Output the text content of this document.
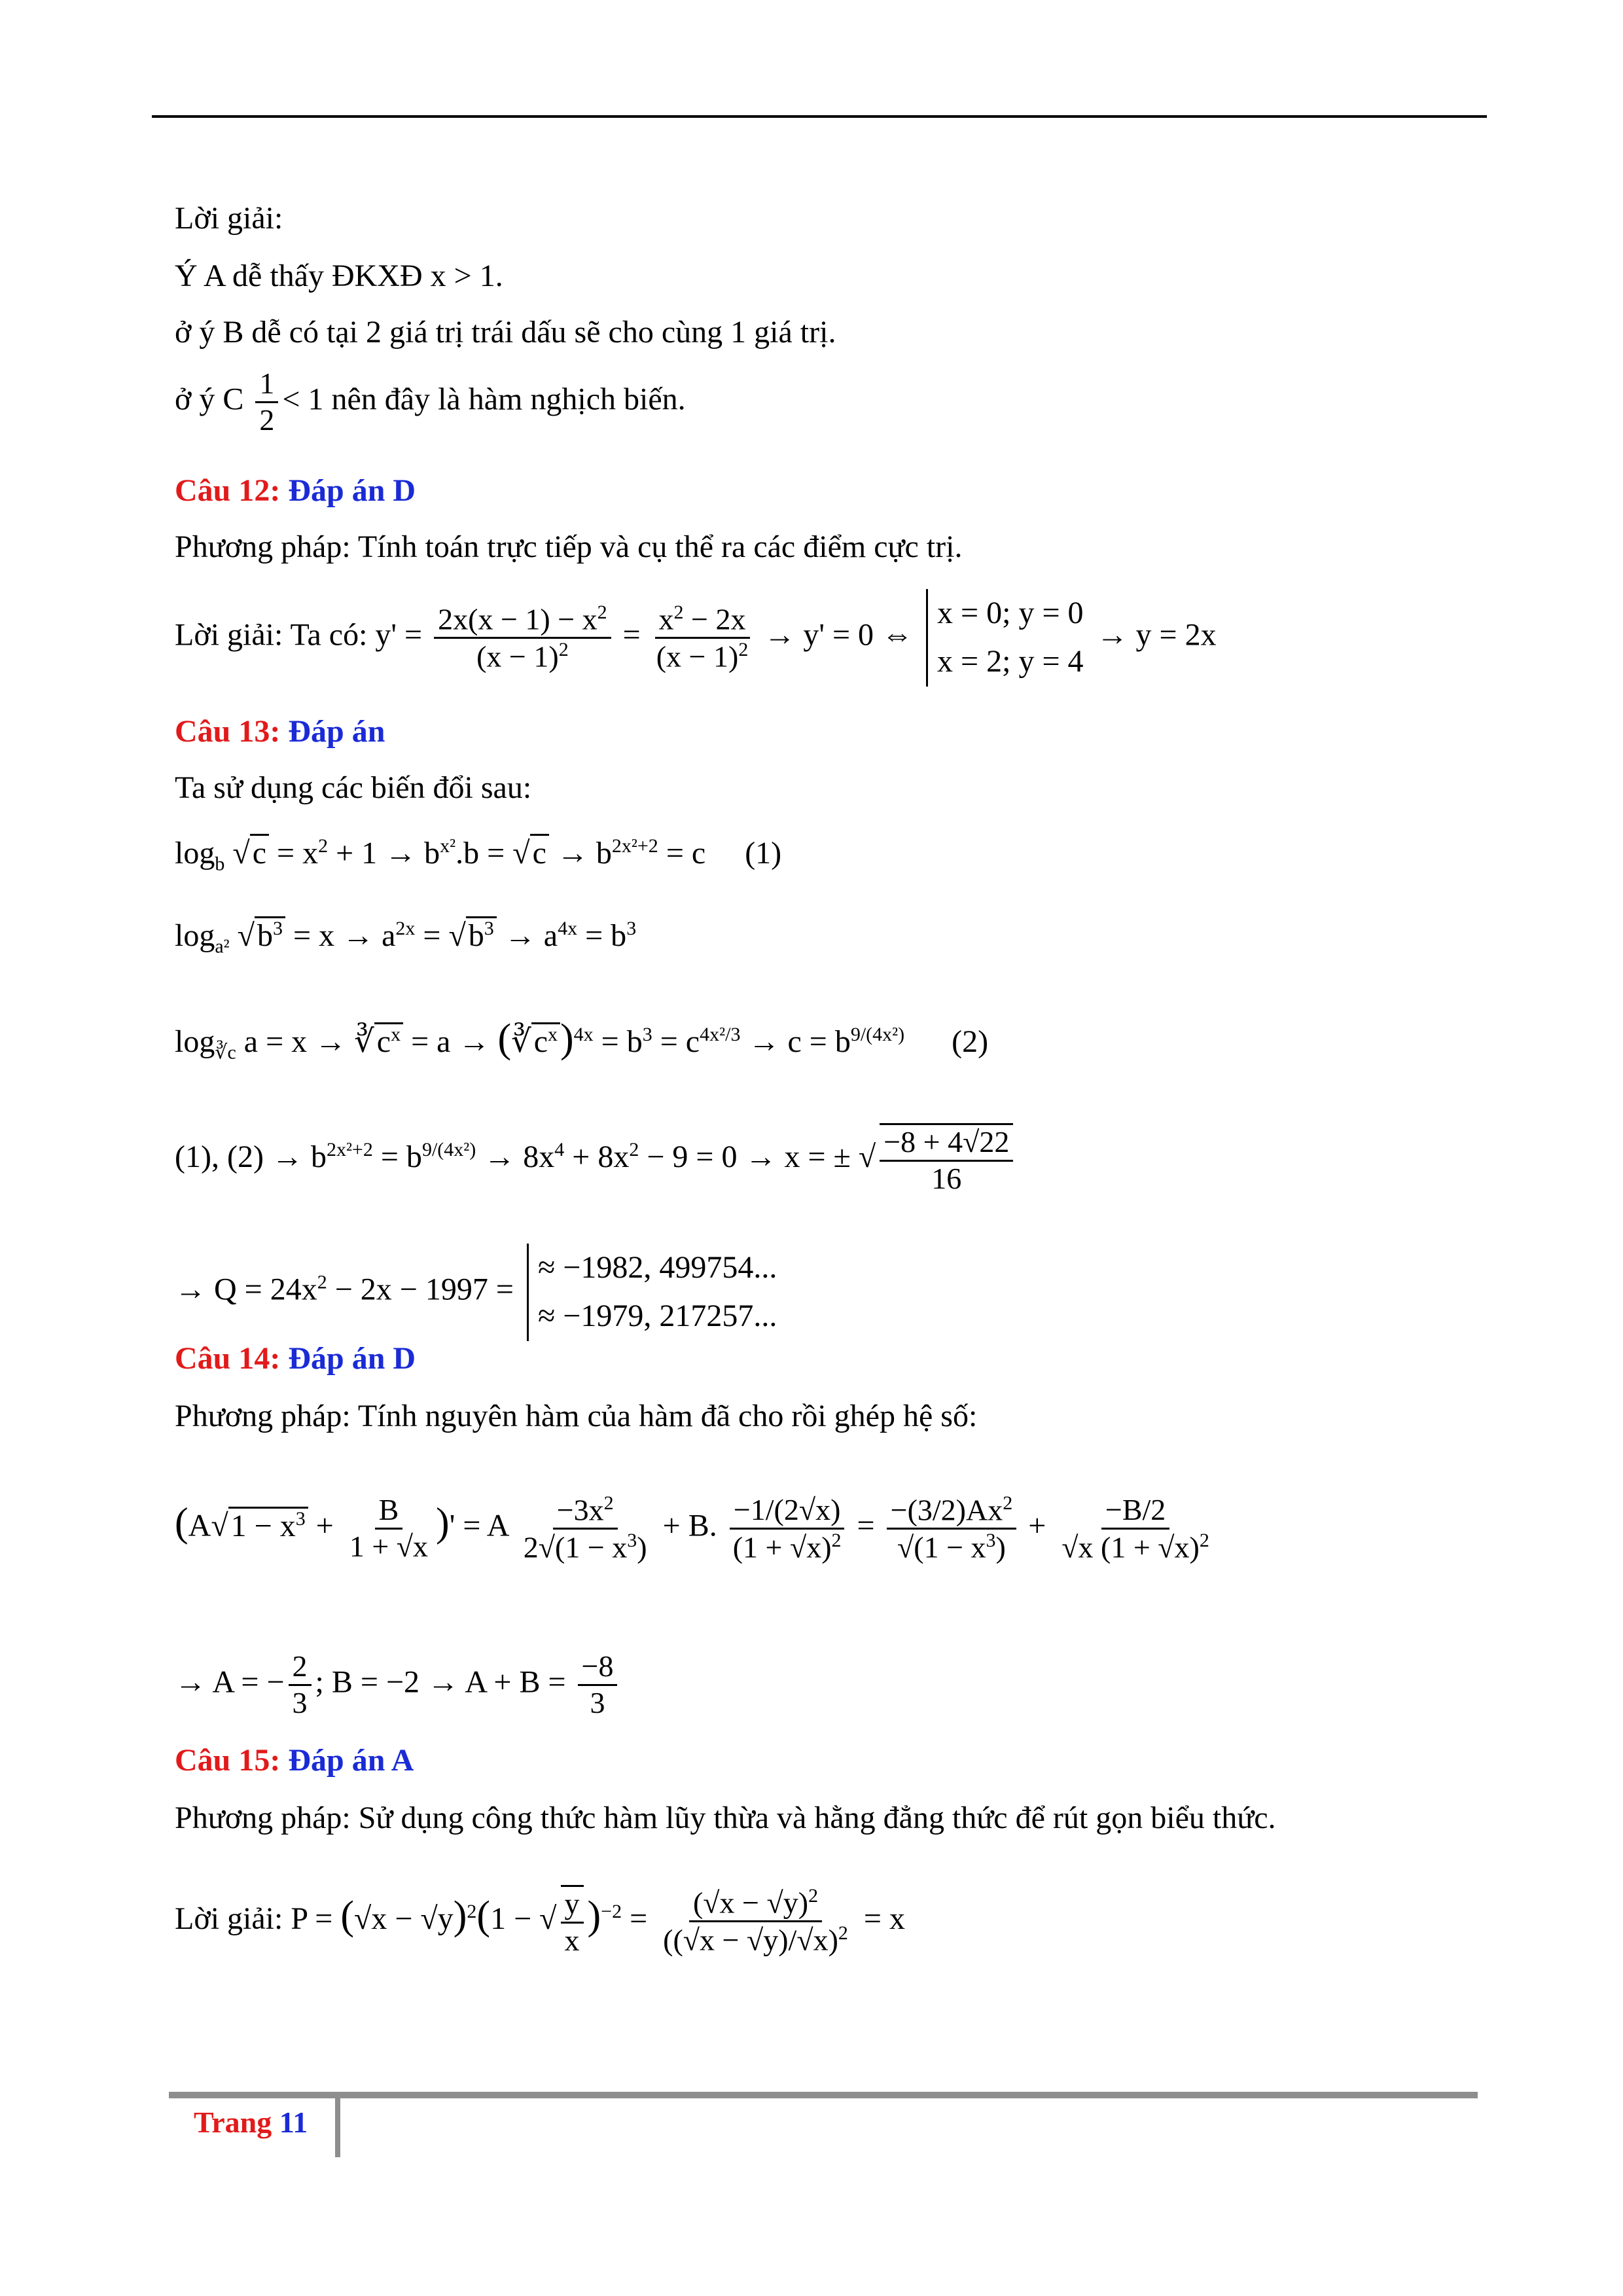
Lời giải:
Ý A dễ thấy ĐKXĐ x > 1.
ở ý B dễ có tại 2 giá trị trái dấu sẽ cho cùng 1 giá trị.
ở ý C $\frac{1}{2} < 1$ nên đây là hàm nghịch biến.
Câu 12: Đáp án D
Phương pháp: Tính toán trực tiếp và cụ thể ra các điểm cực trị.
Lời giải: Ta có: $y' = \frac{2x(x - 1) - x^2}{(x - 1)^2} = \frac{x^2 - 2x}{(x - 1)^2} \to y' = 0$ ⇔
x = 0; y = 0
x = 2; y = 4
→ y = 2x
Câu 13: Đáp án
Ta sử dụng các biến đổi sau:
$\log_b √c = x^2 + 1 \to b^{x^2}.b = √c \to b^{2x^2+2} = c$     (1)
$\log_{a^2} √b^3 = x \to a^{2x} = √b^3 \to a^{4x} = b^3$
$\log_{∛c} a = x$ → $∛c^x = a$ → $(∛c^x)^{4x} = b^3 = c^{4x^2/3} \to c = b^{9/(4x^2)}$      (2)
(1), $(2) \to b^{2x^2+2} = b^{9/(4x^2)} \to 8x^4 + 8x^2 - 9 = 0 \to x$ = ± √ $\frac{-8 + 4√22}{16}$
→ $Q = 24x^2 - 2x - 1997$ =
≈ −1982, 499754...
≈ −1979, 217257...
Câu 14: Đáp án D
Phương pháp: Tính nguyên hàm của hàm đã cho rồi ghép hệ số:
($A√1 - x^3 + \frac{B}{1 + √x}$ )' = A $\frac{-3x^2}{2√(1 - x^3)} + B$. $\frac{-1/(2√x)}{(1 + √x)^2} = \frac{-(3/2)Ax^2}{√(1 - x^3)} + \frac{-B/2}{√x (1 + √x)^2}$
→ A = − $\frac{2}{3}$ ; $B = -2 \to A + B = \frac{-8}{3}$
Câu 15: Đáp án A
Phương pháp: Sử dụng công thức hàm lũy thừa và hằng đẳng thức để rút gọn biểu thức.
Lời giải: $P = (√x - √y)^2(1$ − √ $\frac{y}{x} )^{-2} = \frac{(√x - √y)^2}{((√x - √y)/√x)^2} = x$
Trang 11
